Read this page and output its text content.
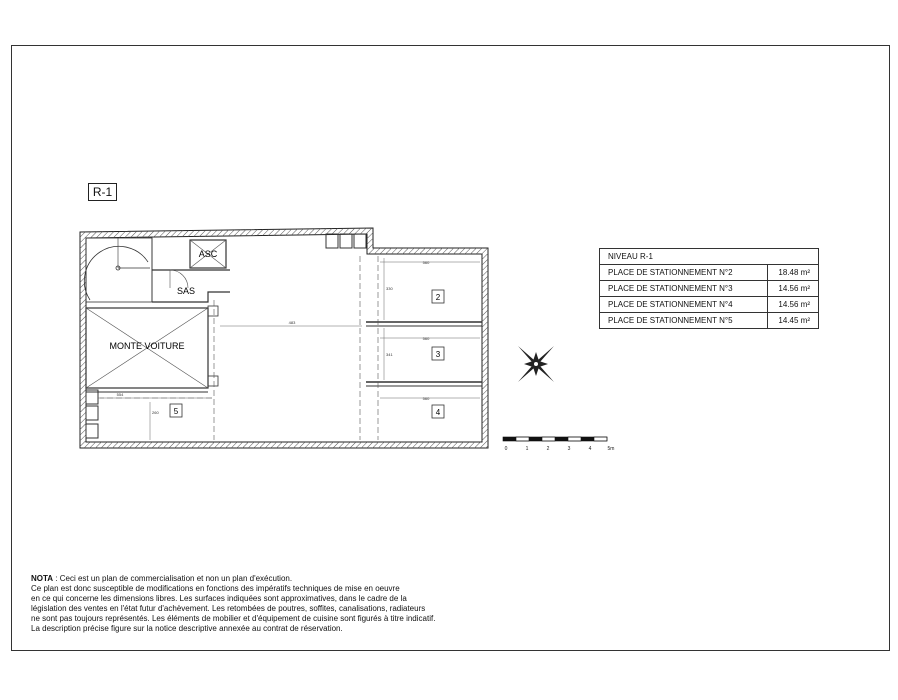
R-1
ASC
SAS
MONTE VOITURE
2
3
4
5
560
560
560
483
330
341
554
260
0	1	2	3	4	5m
NIVEAU R-1	
PLACE DE STATIONNEMENT N°2	18.48 m²
PLACE DE STATIONNEMENT N°3	14.56 m²
PLACE DE STATIONNEMENT N°4	14.56 m²
PLACE DE STATIONNEMENT N°5	14.45 m²

NOTA : Ceci est un plan de commercialisation et non un plan d'exécution.

Ce plan est donc susceptible de modifications en fonctions des impératifs techniques de mise en oeuvre

en ce qui concerne les dimensions libres. Les surfaces indiquées sont approximatives, dans le cadre de la

législation des ventes en l'état futur d'achèvement. Les retombées de poutres, soffites, canalisations, radiateurs

ne sont pas toujours représentés. Les éléments de mobilier et d'équipement de cuisine sont figurés à titre indicatif.

La description précise figure sur la notice descriptive annexée au contrat de réservation.
